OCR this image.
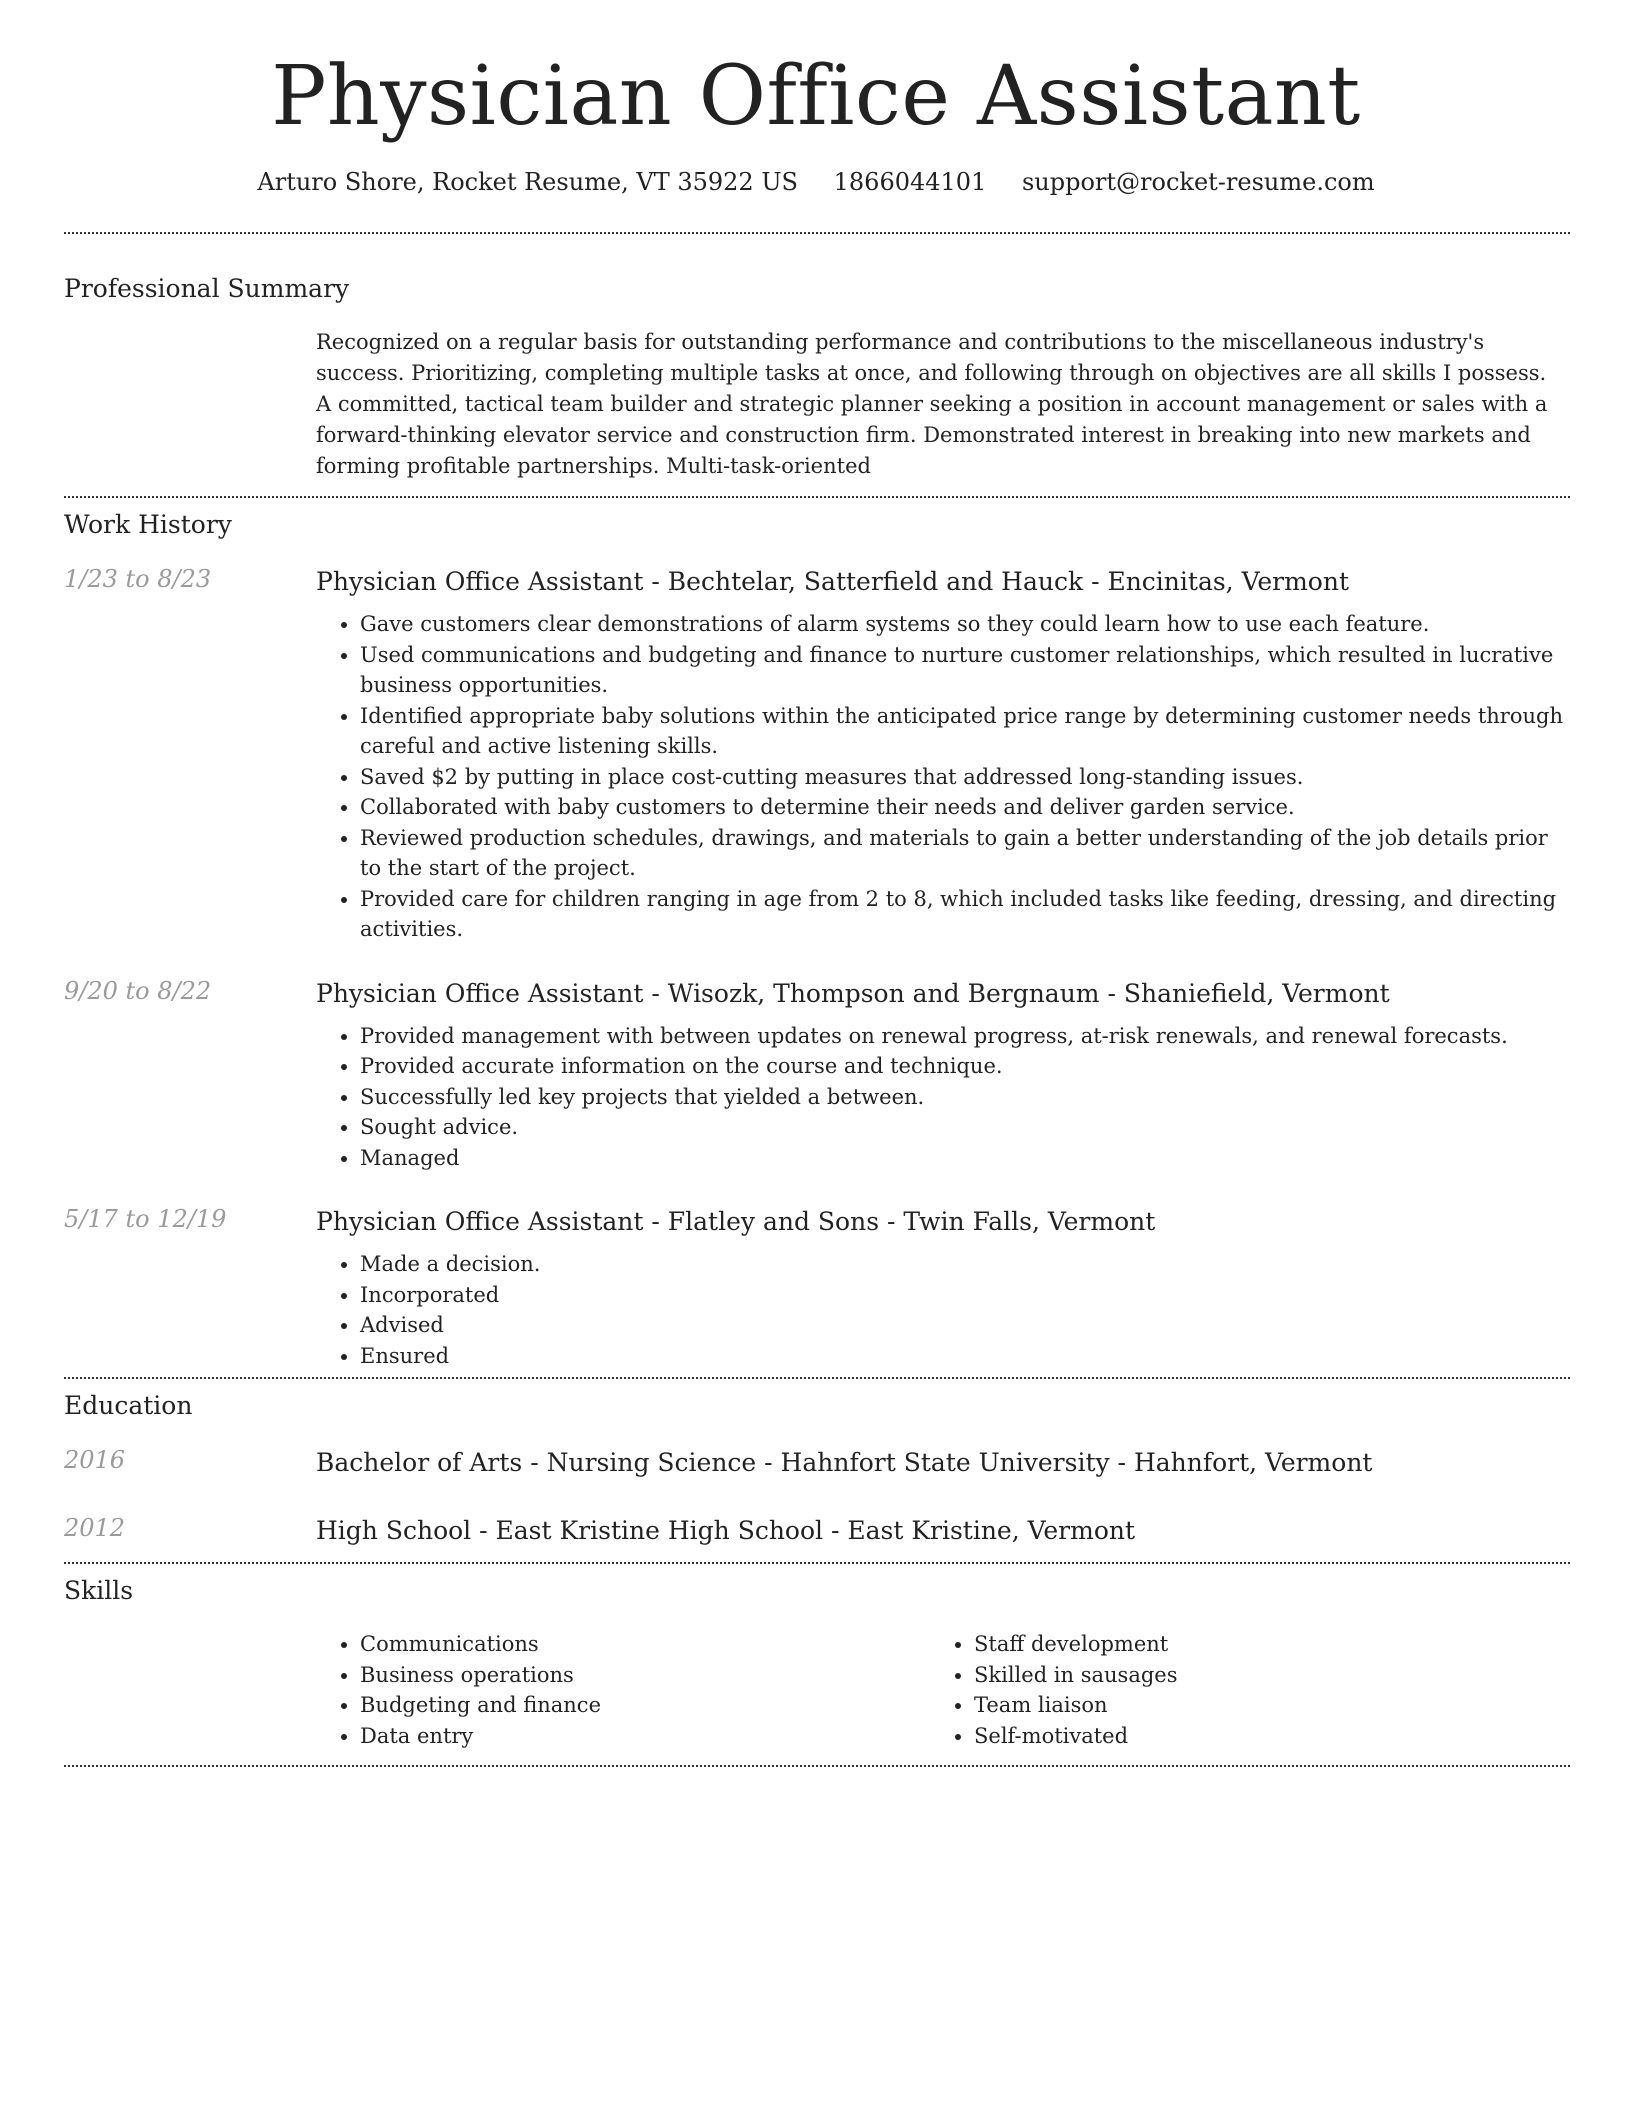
Physician Office Assistant
Arturo Shore, Rocket Resume, VT 35922 US 1866044101 support@rocket-resume.com
Professional Summary

Recognized on a regular basis for outstanding performance and contributions to the miscellaneous industry's success. Prioritizing, completing multiple tasks at once, and following through on objectives are all skills I possess. A committed, tactical team builder and strategic planner seeking a position in account management or sales with a forward-thinking elevator service and construction firm. Demonstrated interest in breaking into new markets and forming profitable partnerships. Multi-task-oriented

Work History
1/23 to 8/23	Physician Office Assistant - Bechtelar, Satterfield and Hauck - Encinitas, Vermont
• Gave customers clear demonstrations of alarm systems so they could learn how to use each feature.
• Used communications and budgeting and finance to nurture customer relationships, which resulted in lucrative business opportunities.
• Identified appropriate baby solutions within the anticipated price range by determining customer needs through careful and active listening skills.
• Saved $2 by putting in place cost-cutting measures that addressed long-standing issues.
• Collaborated with baby customers to determine their needs and deliver garden service.
• Reviewed production schedules, drawings, and materials to gain a better understanding of the job details prior to the start of the project.
• Provided care for children ranging in age from 2 to 8, which included tasks like feeding, dressing, and directing activities.
9/20 to 8/22	Physician Office Assistant - Wisozk, Thompson and Bergnaum - Shaniefield, Vermont
• Provided management with between updates on renewal progress, at-risk renewals, and renewal forecasts.
• Provided accurate information on the course and technique.
• Successfully led key projects that yielded a between.
• Sought advice.
• Managed
5/17 to 12/19	Physician Office Assistant - Flatley and Sons - Twin Falls, Vermont
• Made a decision.
• Incorporated
• Advised
• Ensured
Education
2016	Bachelor of Arts - Nursing Science - Hahnfort State University - Hahnfort, Vermont
2012	High School - East Kristine High School - East Kristine, Vermont
Skills
• Communications
• Business operations
• Budgeting and finance
• Data entry
• Staff development
• Skilled in sausages
• Team liaison
• Self-motivated
